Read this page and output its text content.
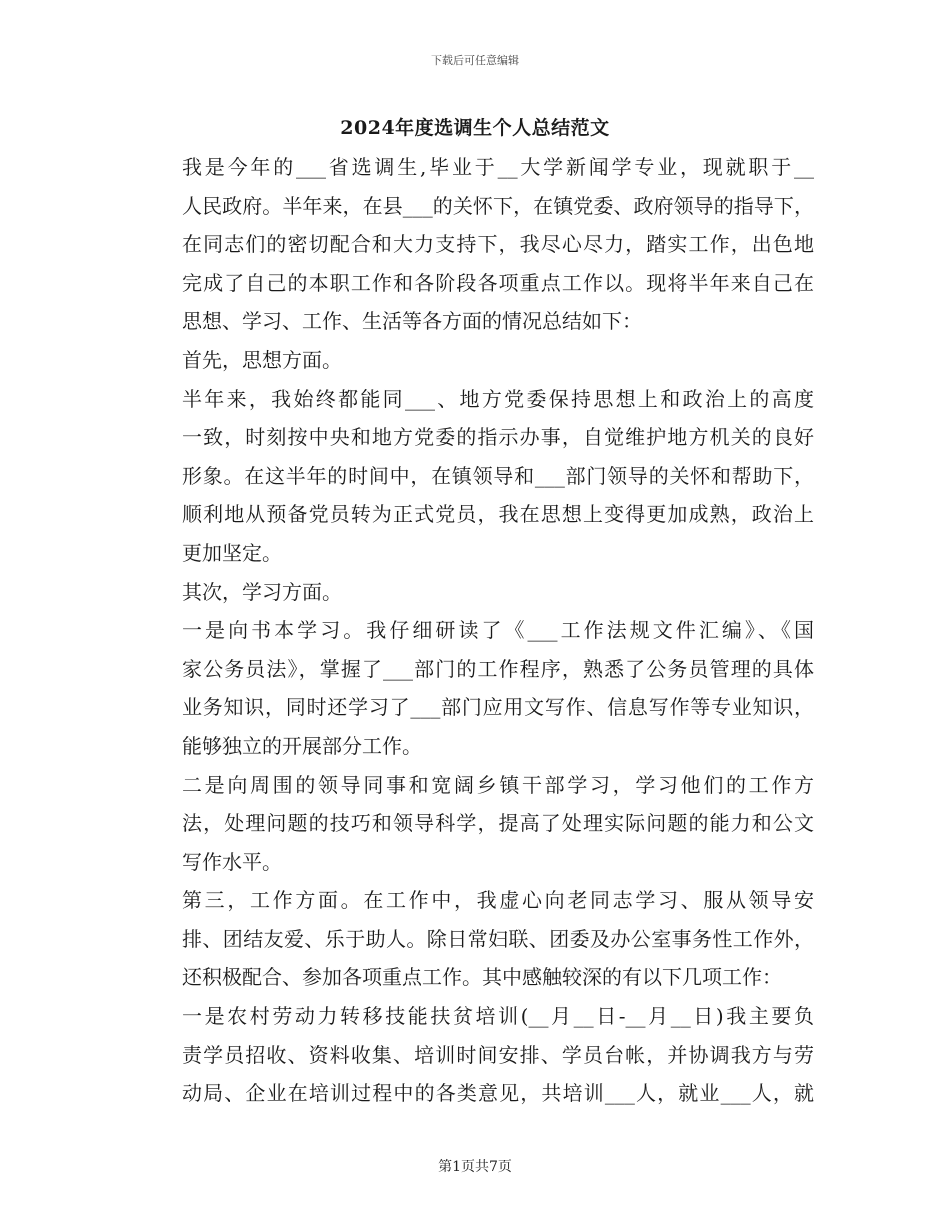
下载后可任意编辑
2024年度选调生个人总结范文

我是今年的___省选调生,毕业于__大学新闻学专业，现就职于__
人民政府。半年来，在县___的关怀下，在镇党委、政府领导的指导下，
在同志们的密切配合和大力支持下，我尽心尽力，踏实工作，出色地
完成了自己的本职工作和各阶段各项重点工作以。现将半年来自己在
思想、学习、工作、生活等各方面的情况总结如下：

首先，思想方面。

半年来，我始终都能同___、地方党委保持思想上和政治上的高度
一致，时刻按中央和地方党委的指示办事，自觉维护地方机关的良好
形象。在这半年的时间中，在镇领导和___部门领导的关怀和帮助下，
顺利地从预备党员转为正式党员，我在思想上变得更加成熟，政治上
更加坚定。

其次，学习方面。

一是向书本学习。我仔细研读了《___工作法规文件汇编》、《国
家公务员法》，掌握了___部门的工作程序，熟悉了公务员管理的具体
业务知识，同时还学习了___部门应用文写作、信息写作等专业知识，
能够独立的开展部分工作。

二是向周围的领导同事和宽阔乡镇干部学习，学习他们的工作方
法，处理问题的技巧和领导科学，提高了处理实际问题的能力和公文
写作水平。

第三，工作方面。在工作中，我虚心向老同志学习、服从领导安
排、团结友爱、乐于助人。除日常妇联、团委及办公室事务性工作外，
还积极配合、参加各项重点工作。其中感触较深的有以下几项工作：

一是农村劳动力转移技能扶贫培训(__月__日-__月__日)我主要负
责学员招收、资料收集、培训时间安排、学员台帐，并协调我方与劳
动局、企业在培训过程中的各类意见，共培训___人，就业___人，就

第1页共7页
